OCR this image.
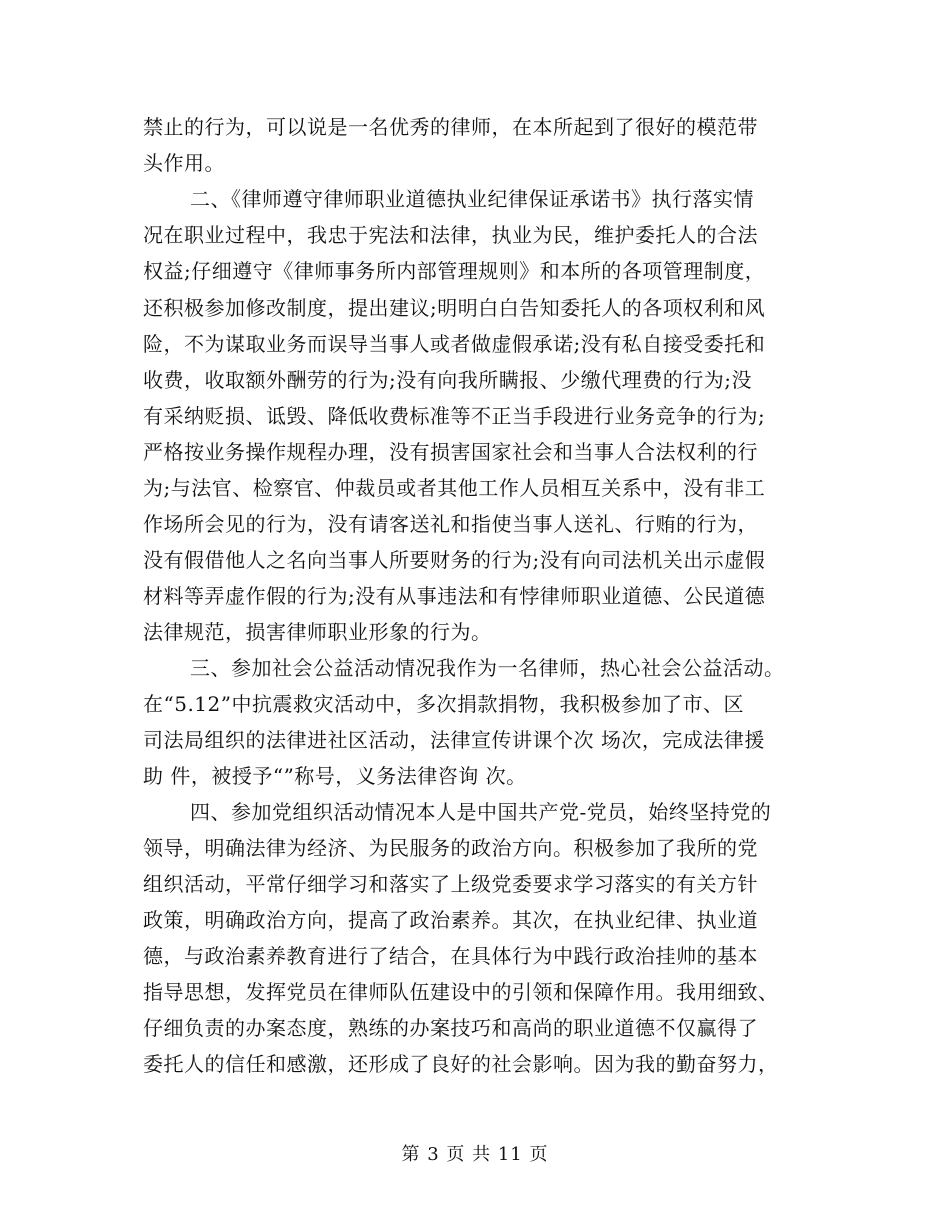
禁止的行为，可以说是一名优秀的律师，在本所起到了很好的模范带
头作用。
二、《律师遵守律师职业道德执业纪律保证承诺书》执行落实情
况在职业过程中，我忠于宪法和法律，执业为民，维护委托人的合法
权益;仔细遵守《律师事务所内部管理规则》和本所的各项管理制度，
还积极参加修改制度，提出建议;明明白白告知委托人的各项权利和风
险，不为谋取业务而误导当事人或者做虚假承诺;没有私自接受委托和
收费，收取额外酬劳的行为;没有向我所瞒报、少缴代理费的行为;没
有采纳贬损、诋毁、降低收费标准等不正当手段进行业务竞争的行为;
严格按业务操作规程办理，没有损害国家社会和当事人合法权利的行
为;与法官、检察官、仲裁员或者其他工作人员相互关系中，没有非工
作场所会见的行为，没有请客送礼和指使当事人送礼、行贿的行为，
没有假借他人之名向当事人所要财务的行为;没有向司法机关出示虚假
材料等弄虚作假的行为;没有从事违法和有悖律师职业道德、公民道德
法律规范，损害律师职业形象的行为。
三、参加社会公益活动情况我作为一名律师，热心社会公益活动。
在“5.12”中抗震救灾活动中，多次捐款捐物，我积极参加了市、区
司法局组织的法律进社区活动，法律宣传讲课个次 场次，完成法律援
助 件，被授予“”称号，义务法律咨询 次。
四、参加党组织活动情况本人是中国共产党-党员，始终坚持党的
领导，明确法律为经济、为民服务的政治方向。积极参加了我所的党
组织活动，平常仔细学习和落实了上级党委要求学习落实的有关方针
政策，明确政治方向，提高了政治素养。其次，在执业纪律、执业道
德，与政治素养教育进行了结合，在具体行为中践行政治挂帅的基本
指导思想，发挥党员在律师队伍建设中的引领和保障作用。我用细致、
仔细负责的办案态度，熟练的办案技巧和高尚的职业道德不仅赢得了
委托人的信任和感激，还形成了良好的社会影响。因为我的勤奋努力，
第 3 页 共 11 页
